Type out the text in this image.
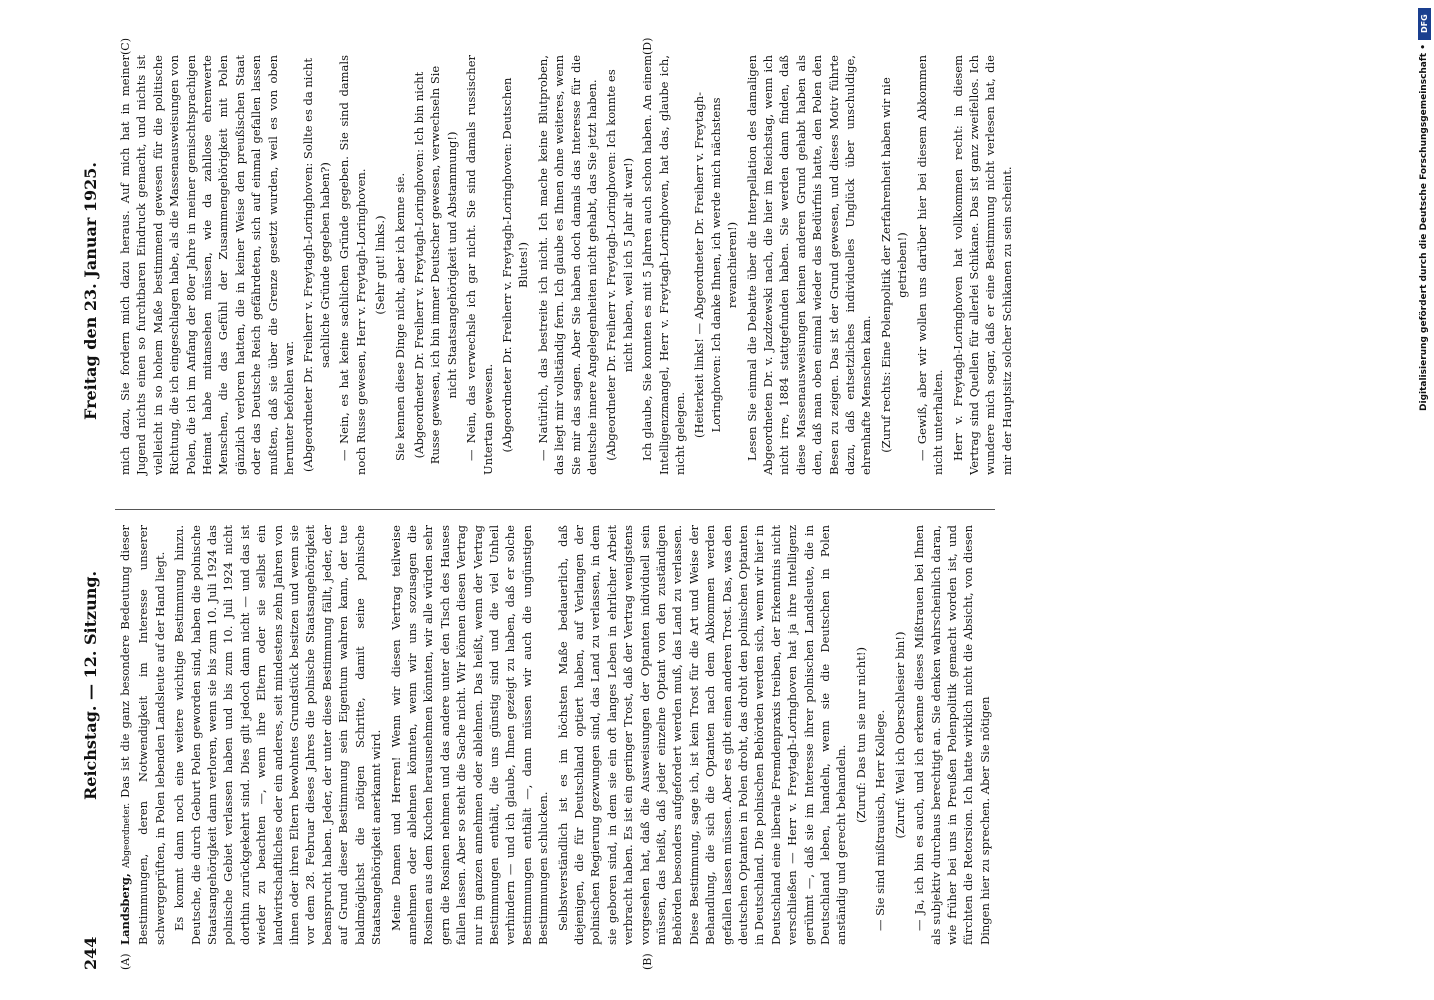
244
Reichstag. — 12. Sitzung.
Freitag den 23. Januar 1925.
(A)	(B)
(C)	(D)

Landsberg, Abgeordneter. Das ist die ganz besondere Bedeutung dieser Bestimmungen, deren Notwendigkeit im Interesse unserer schwergeprüften, in Polen lebenden Landsleute auf der Hand liegt. Es kommt dann noch eine weitere wichtige Bestimmung hinzu. Deutsche, die durch Geburt Polen geworden sind, haben die polnische Staatsangehörigkeit dann verloren, wenn sie bis zum 10. Juli 1924 das polnische Gebiet verlassen haben und bis zum 10. Juli 1924 nicht dorthin zurückgekehrt sind. Dies gilt jedoch dann nicht — und das ist wieder zu beachten —, wenn ihre Eltern oder sie selbst ein landwirtschaftliches oder ein anderes, seit mindestens zehn Jahren von ihnen oder ihren Eltern bewohntes Grundstück besitzen und wenn sie vor dem 28. Februar dieses Jahres die polnische Staatsangehörigkeit beansprucht haben. Jeder, der unter diese Bestimmung fällt, jeder, der auf Grund dieser Bestimmung sein Eigentum wahren kann, der tue baldmöglichst die nötigen Schritte, damit seine polnische Staatsangehörigkeit anerkannt wird. Meine Damen und Herren! Wenn wir diesen Vertrag teilweise annehmen oder ablehnen könnten, wenn wir uns sozusagen die Rosinen aus dem Kuchen herausnehmen könnten, wir alle würden sehr gern die Rosinen nehmen und das andere unter den Tisch des Hauses fallen lassen. Aber so steht die Sache nicht. Wir können diesen Vertrag nur im ganzen annehmen oder ablehnen. Das heißt, wenn der Vertrag Bestimmungen enthält, die uns günstig sind und die viel Unheil verhindern — und ich glaube, Ihnen gezeigt zu haben, daß er solche Bestimmungen enthält —, dann müssen wir auch die ungünstigen Bestimmungen schlucken. Selbstverständlich ist es im höchsten Maße bedauerlich, daß diejenigen, die für Deutschland optiert haben, auf Verlangen der polnischen Regierung gezwungen sind, das Land zu verlassen, in dem sie geboren sind, in dem sie ein oft langes Leben in ehrlicher Arbeit verbracht haben. Es ist ein geringer Trost, daß der Vertrag wenigstens vorgesehen hat, daß die Ausweisungen der Optanten individuell sein müssen, das heißt, daß jeder einzelne Optant von den zuständigen Behörden besonders aufgefordert werden muß, das Land zu verlassen. Diese Bestimmung, sage ich, ist kein Trost für die Art und Weise der Behandlung, die sich die Optanten nach dem Abkommen werden gefallen lassen müssen. Aber es gibt einen anderen Trost. Das, was den deutschen Optanten in Polen droht, das droht den polnischen Optanten in Deutschland. Die polnischen Behörden werden sich, wenn wir hier in Deutschland eine liberale Fremdenpraxis treiben, der Erkenntnis nicht verschließen — Herr v. Freytagh-Loringhoven hat ja ihre Intelligenz gerühmt —, daß sie im Interesse ihrer polnischen Landsleute, die in Deutschland leben, handeln, wenn sie die Deutschen in Polen anständig und gerecht behandeln.

(Zuruf: Das tun sie nur nicht!) — Sie sind mißtrauisch, Herr Kollege. (Zuruf: Weil ich Oberschlesier bin!) — Ja, ich bin es auch, und ich erkenne dieses Mißtrauen bei Ihnen als subjektiv durchaus berechtigt an. Sie denken wahrscheinlich daran, wie früher bei uns in Preußen Polenpolitik gemacht worden ist, und fürchten die Retorsion. Ich hatte wirklich nicht die Absicht, von diesen Dingen hier zu sprechen. Aber Sie nötigen

mich dazu, Sie fordern mich dazu heraus. Auf mich hat in meiner Jugend nichts einen so furchtbaren Eindruck gemacht, und nichts ist vielleicht in so hohem Maße bestimmend gewesen für die politische Richtung, die ich eingeschlagen habe, als die Massenausweisungen von Polen, die ich im Anfang der 80er Jahre in meiner gemischtsprachigen Heimat habe mitansehen müssen, wie da zahllose ehrenwerte Menschen, die das Gefühl der Zusammengehörigkeit mit Polen gänzlich verloren hatten, die in keiner Weise den preußischen Staat oder das Deutsche Reich gefährdeten, sich auf einmal gefallen lassen mußten, daß sie über die Grenze gesetzt wurden, weil es von oben herunter befohlen war. (Abgeordneter Dr. Freiherr v. Freytagh-Loringhoven: Sollte es da nicht sachliche Gründe gegeben haben?) — Nein, es hat keine sachlichen Gründe gegeben. Sie sind damals noch Russe gewesen, Herr v. Freytagh-Loringhoven. (Sehr gut! links.) Sie kennen diese Dinge nicht, aber ich kenne sie. (Abgeordneter Dr. Freiherr v. Freytagh-Loringhoven: Ich bin nicht Russe gewesen, ich bin immer Deutscher gewesen, verwechseln Sie nicht Staatsangehörigkeit und Abstammung!) — Nein, das verwechsle ich gar nicht. Sie sind damals russischer Untertan gewesen. (Abgeordneter Dr. Freiherr v. Freytagh-Loringhoven: Deutschen Blutes!) — Natürlich, das bestreite ich nicht. Ich mache keine Blutproben, das liegt mir vollständig fern. Ich glaube es Ihnen ohne weiteres, wenn Sie mir das sagen. Aber Sie haben doch damals das Interesse für die deutsche innere Angelegenheiten nicht gehabt, das Sie jetzt haben. (Abgeordneter Dr. Freiherr v. Freytagh-Loringhoven: Ich konnte es nicht haben, weil ich 5 Jahr alt war!) Ich glaube, Sie konnten es mit 5 Jahren auch schon haben. An einem Intelligenzmangel, Herr v. Freytagh-Loringhoven, hat das, glaube ich, nicht gelegen. (Heiterkeit links! — Abgeordneter Dr. Freiherr v. Freytagh-Loringhoven: Ich danke Ihnen, ich werde mich nächstens revanchieren!) Lesen Sie einmal die Debatte über die Interpellation des damaligen Abgeordneten Dr. v. Jazdzewski nach, die hier im Reichstag, wenn ich nicht irre, 1884 stattgefunden haben. Sie werden dann finden, daß diese Massenausweisungen keinen anderen Grund gehabt haben als den, daß man oben einmal wieder das Bedürfnis hatte, den Polen den Besen zu zeigen. Das ist der Grund gewesen, und dieses Motiv führte dazu, daß entsetzliches individuelles Unglück über unschuldige, ehrenhafte Menschen kam. (Zuruf rechts: Eine Polenpolitik der Zerfahrenheit haben wir nie getrieben!) — Gewiß, aber wir wollen uns darüber hier bei diesem Abkommen nicht unterhalten. Herr v. Freytagh-Loringhoven hat vollkommen recht: in diesem Vertrag sind Quellen für allerlei Schikane. Das ist ganz zweifellos. Ich wundere mich sogar, daß er eine Bestimmung nicht verlesen hat, die mir der Hauptsitz solcher Schikanen zu sein scheint.

DFG
Digitalisierung gefördert durch die Deutsche Forschungsgemeinschaft •
